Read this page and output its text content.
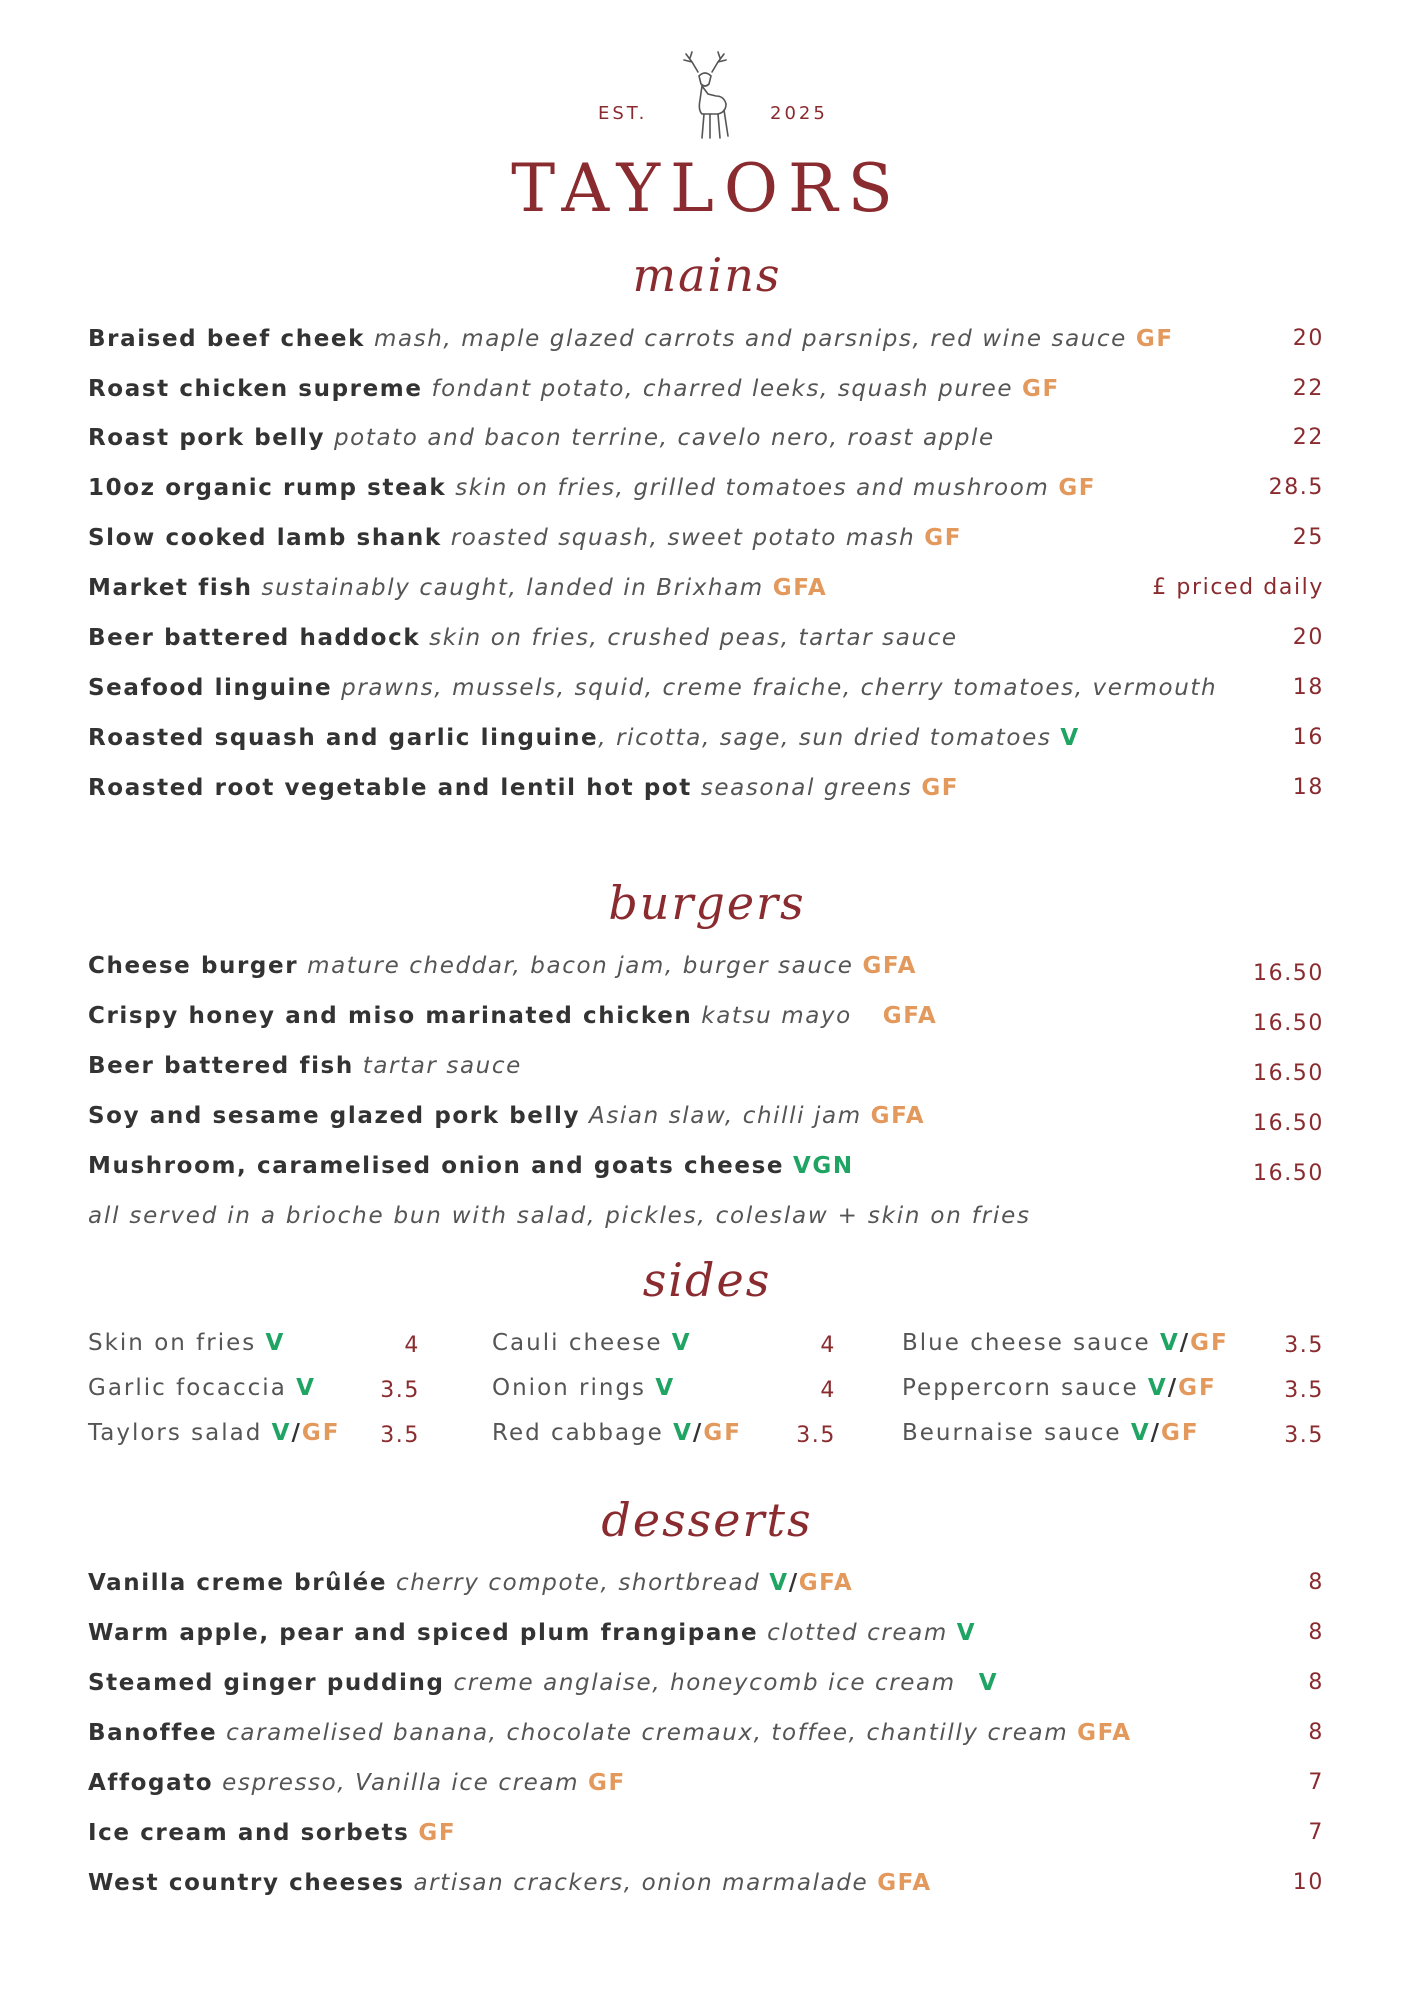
EST.	2025
TAYLORS
mains
Braised beef cheek mash, maple glazed carrots and parsnips, red wine sauce GF	20
Roast chicken supreme fondant potato, charred leeks, squash puree GF	22
Roast pork belly potato and bacon terrine, cavelo nero, roast apple	22
10oz organic rump steak skin on fries, grilled tomatoes and mushroom GF	28.5
Slow cooked lamb shank roasted squash, sweet potato mash GF	25
Market fish sustainably caught, landed in Brixham GFA	£ priced daily
Beer battered haddock skin on fries, crushed peas, tartar sauce	20
Seafood linguine prawns, mussels, squid, creme fraiche, cherry tomatoes, vermouth	18
Roasted squash and garlic linguine, ricotta, sage, sun dried tomatoes V	16
Roasted root vegetable and lentil hot pot seasonal greens GF	18
burgers
Cheese burger mature cheddar, bacon jam, burger sauce GFA	16.50
Crispy honey and miso marinated chicken katsu mayo GFA	16.50
Beer battered fish tartar sauce	16.50
Soy and sesame glazed pork belly Asian slaw, chilli jam GFA	16.50
Mushroom, caramelised onion and goats cheese VGN	16.50
all served in a brioche bun with salad, pickles, coleslaw + skin on fries
sides
Skin on fries V	4
Garlic focaccia V	3.5
Taylors salad V/GF	3.5
Cauli cheese V	4
Onion rings V	4
Red cabbage V/GF	3.5
Blue cheese sauce V/GF	3.5
Peppercorn sauce V/GF	3.5
Beurnaise sauce V/GF	3.5
desserts
Vanilla creme brûlée cherry compote, shortbread V/GFA	8
Warm apple, pear and spiced plum frangipane clotted cream V	8
Steamed ginger pudding creme anglaise, honeycomb ice cream V	8
Banoffee caramelised banana, chocolate cremaux, toffee, chantilly cream GFA	8
Affogato espresso, Vanilla ice cream GF	7
Ice cream and sorbets GF	7
West country cheeses artisan crackers, onion marmalade GFA	10
